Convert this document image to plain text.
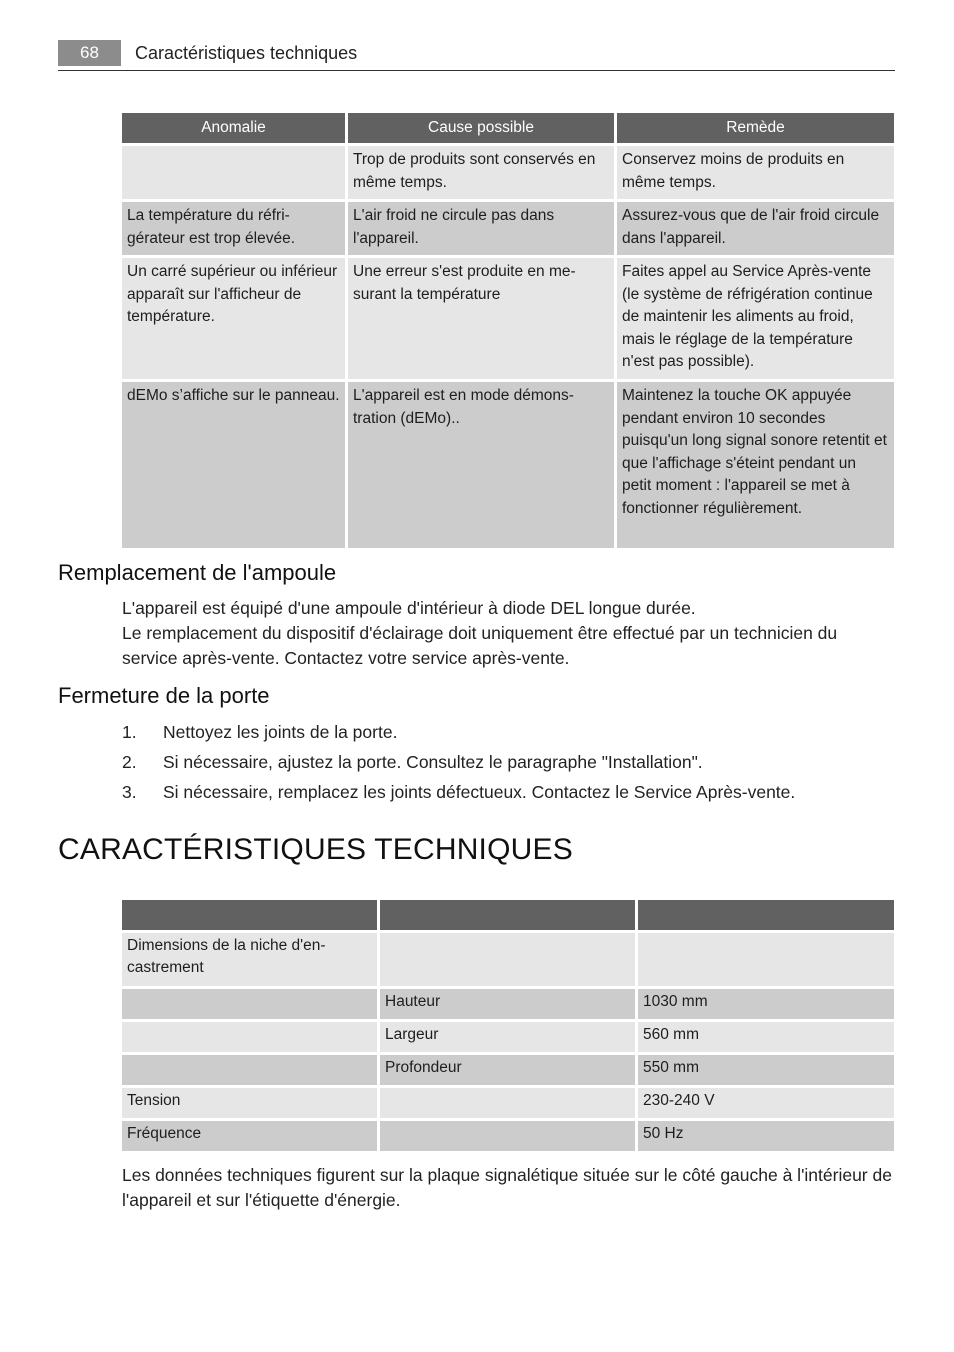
68	Caractéristiques techniques
Anomalie	Cause possible	Remède
	Trop de produits sont conservés en même temps.	Conservez moins de produits en même temps.
La température du réfrigérateur est trop élevée.	L'air froid ne circule pas dans l'appareil.	Assurez-vous que de l'air froid circule dans l'appareil.
Un carré supérieur ou inférieur apparaît sur l'afficheur de température.	Une erreur s'est produite en mesurant la température	Faites appel au Service Après-vente (le système de réfrigération continue de maintenir les aliments au froid, mais le réglage de la température n'est pas possible).
dEMo s’affiche sur le panneau.	L'appareil est en mode démonstration (dEMo)..	Maintenez la touche OK appuyée pendant environ 10 secondes puisqu'un long signal sonore retentit et que l'affichage s'éteint pendant un petit moment : l'appareil se met à fonctionner régulièrement.
Remplacement de l'ampoule
L'appareil est équipé d'une ampoule d'intérieur à diode DEL longue durée.
Le remplacement du dispositif d'éclairage doit uniquement être effectué par un technicien du service après-vente. Contactez votre service après-vente.
Fermeture de la porte
1.	Nettoyez les joints de la porte.
2.	Si nécessaire, ajustez la porte. Consultez le paragraphe "Installation".
3.	Si nécessaire, remplacez les joints défectueux. Contactez le Service Après-vente.
CARACTÉRISTIQUES TECHNIQUES

Dimensions de la niche d'encastrement		
	Hauteur	1030 mm
	Largeur	560 mm
	Profondeur	550 mm
Tension		230-240 V
Fréquence		50 Hz
Les données techniques figurent sur la plaque signalétique située sur le côté gauche à l'intérieur de l'appareil et sur l'étiquette d'énergie.
